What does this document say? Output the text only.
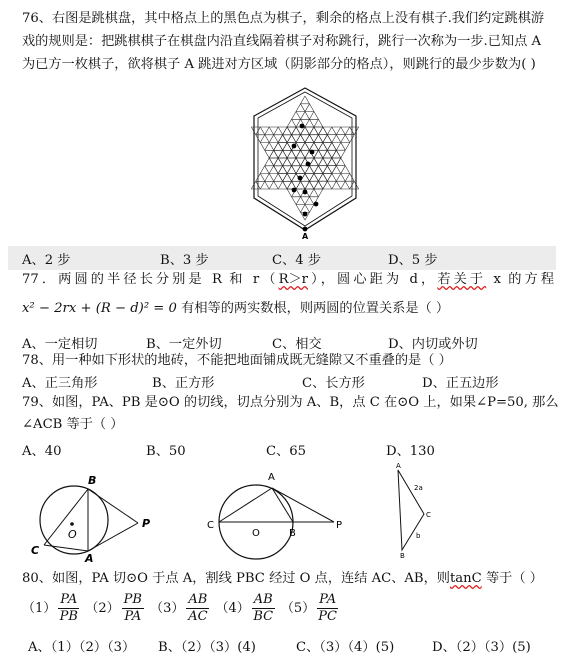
76、右图是跳棋盘，其中格点上的黑色点为棋子，剩余的格点上没有棋子.我们约定跳棋游
戏的规则是：把跳棋棋子在棋盘内沿直线隔着棋子对称跳行，跳行一次称为一步.已知点 A
为已方一枚棋子，欲将棋子 A 跳进对方区域（阴影部分的格点），则跳行的最少步数为( )
A
A、2 步	B、3 步	C、4 步	D、5 步
77．两圆的半径长分别是 R 和 r（R＞r），圆心距为 d，若关于 x 的方程
x² − 2rx + (R − d)² = 0 有相等的两实数根，则两圆的位置关系是（ ）
A、一定相切	B、一定外切	C、相交	D、内切或外切
78、用一种如下形状的地砖，不能把地面铺成既无缝隙又不重叠的是（ ）
A、正三角形	B、正方形	C、长方形	D、正五边形
79、如图，PA、PB 是⊙O 的切线，切点分别为 A、B，点 C 在⊙O 上，如果∠P=50, 那么
∠ACB 等于（ ）
A、40	B、50	C、65	D、130
B
C
O
A
P
A
C
O	B
P
A
2a
C
b
B
80、如图，PA 切⊙O 于点 A，割线 PBC 经过 O 点，连结 AC、AB，则tanC 等于（ ）
$(1) \frac{PA}{PB} (2) \frac{PB}{PA} (3) \frac{AB}{AC} (4) \frac{AB}{BC} (5) \frac{PA}{PC}$
A、（1）（2）（3） B、（2）（3）(4)	C、（3）（4）(5)	D、（2）（3）(5)
